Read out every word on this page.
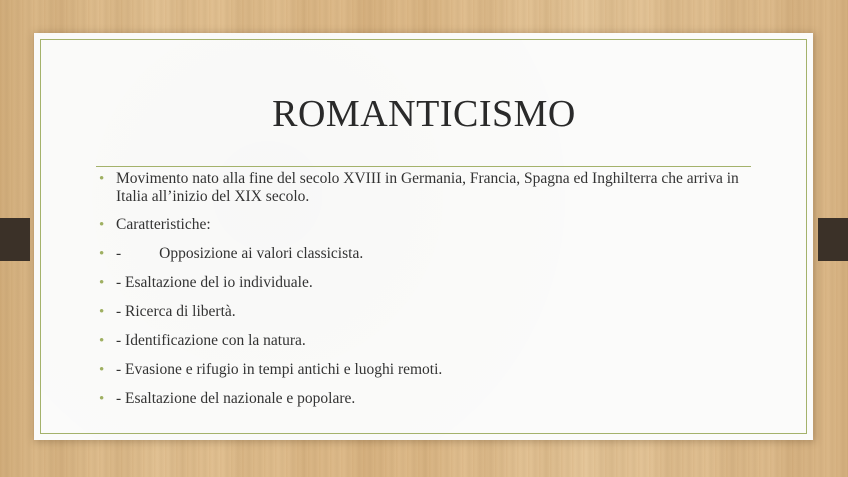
ROMANTICISMO
• Movimento nato alla fine del secolo XVIII in Germania, Francia, Spagna ed Inghilterra che arriva in Italia all’inizio del XIX secolo.
• Caratteristiche:
• - Opposizione ai valori classicista.
• - Esaltazione del io individuale.
• - Ricerca di libertà.
• - Identificazione con la natura.
• - Evasione e rifugio in tempi antichi e luoghi remoti.
• - Esaltazione del nazionale e popolare.
